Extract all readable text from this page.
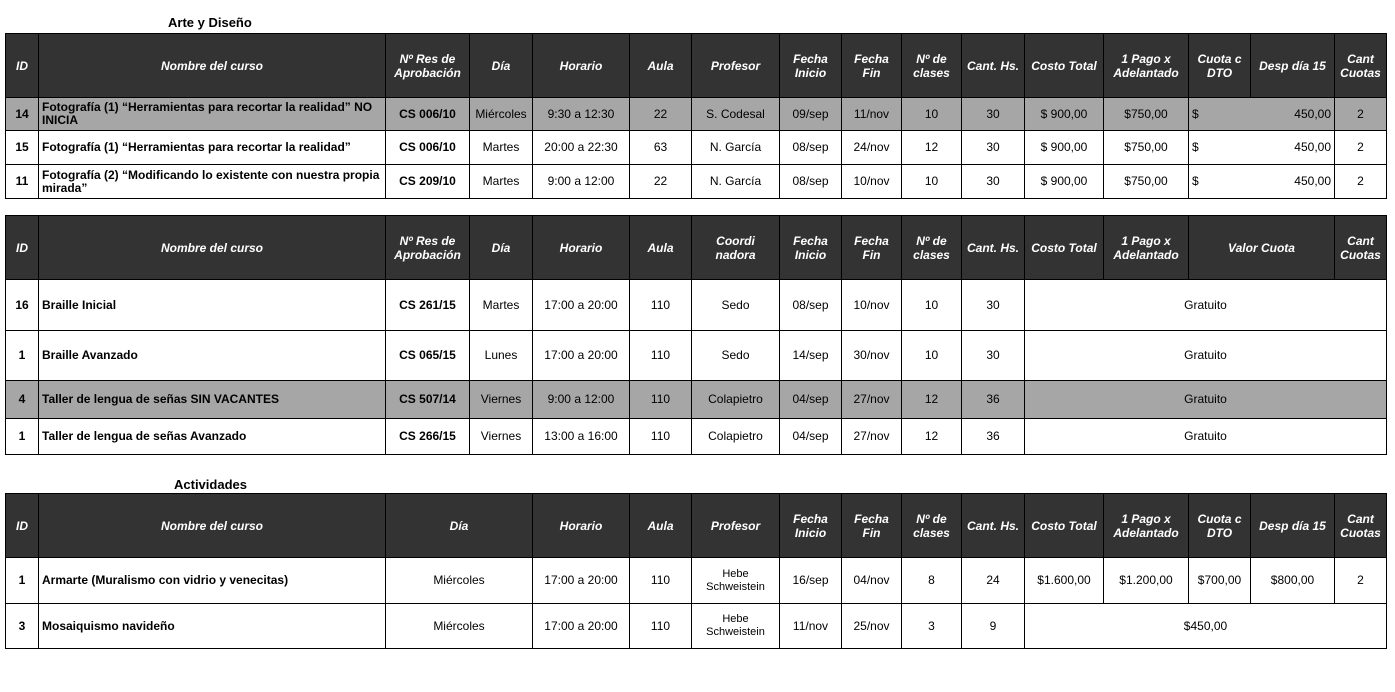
Arte y Diseño
ID	Nombre del curso	Nº Res de Aprobación	Día	Horario	Aula	Profesor	Fecha Inicio	Fecha Fin	Nº de clases	Cant. Hs.	Costo Total	1 Pago x Adelantado	Cuota c DTO	Desp día 15	Cant Cuotas
14	Fotografía (1) “Herramientas para recortar la realidad” NO INICIA	CS 006/10	Miércoles	9:30 a 12:30	22	S. Codesal	09/sep	11/nov	10	30	$ 900,00	$750,00	$ 450,00		2
15	Fotografía (1) “Herramientas para recortar la realidad”	CS 006/10	Martes	20:00 a 22:30	63	N. García	08/sep	24/nov	12	30	$ 900,00	$750,00	$ 450,00		2
11	Fotografía (2) “Modificando lo existente con nuestra propia mirada”	CS 209/10	Martes	9:00 a 12:00	22	N. García	08/sep	10/nov	10	30	$ 900,00	$750,00	$ 450,00		2
ID	Nombre del curso	Nº Res de Aprobación	Día	Horario	Aula	Coordi nadora	Fecha Inicio	Fecha Fin	Nº de clases	Cant. Hs.	Costo Total	1 Pago x Adelantado	Valor Cuota	Cant Cuotas
16	Braille Inicial	CS 261/15	Martes	17:00 a 20:00	110	Sedo	08/sep	10/nov	10	30	Gratuito			
1	Braille Avanzado	CS 065/15	Lunes	17:00 a 20:00	110	Sedo	14/sep	30/nov	10	30	Gratuito			
4	Taller de lengua de señas SIN VACANTES	CS 507/14	Viernes	9:00 a 12:00	110	Colapietro	04/sep	27/nov	12	36	Gratuito			
1	Taller de lengua de señas Avanzado	CS 266/15	Viernes	13:00 a 16:00	110	Colapietro	04/sep	27/nov	12	36	Gratuito			
Actividades
ID	Nombre del curso	Día	Horario	Aula	Profesor	Fecha Inicio	Fecha Fin	Nº de clases	Cant. Hs.	Costo Total	1 Pago x Adelantado	Cuota c DTO	Desp día 15	Cant Cuotas
1	Armarte (Muralismo con vidrio y venecitas)	Miércoles	17:00 a 20:00	110	Hebe Schweistein	16/sep	04/nov	8	24	$1.600,00	$1.200,00	$700,00	$800,00	2
3	Mosaiquismo navideño	Miércoles	17:00 a 20:00	110	Hebe Schweistein	11/nov	25/nov	3	9	$450,00				
